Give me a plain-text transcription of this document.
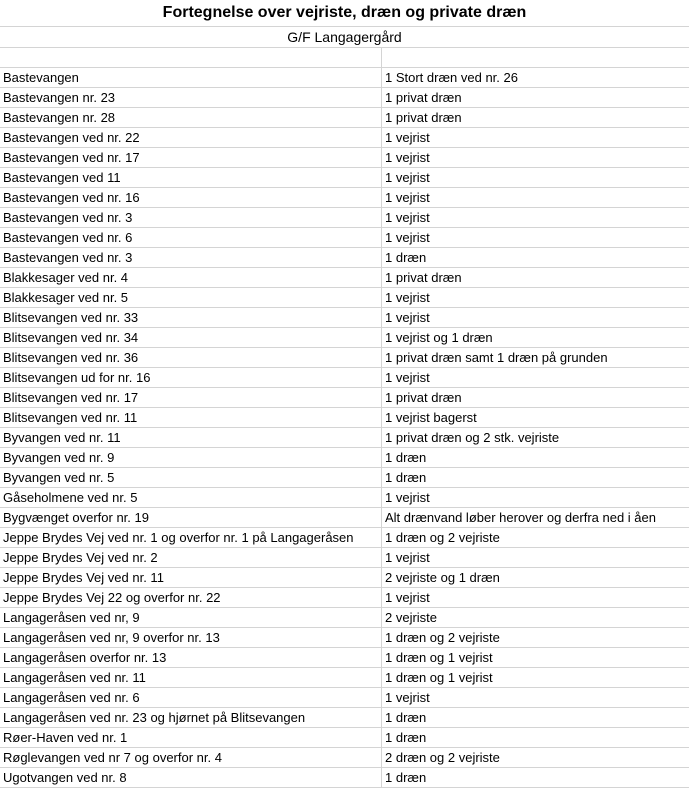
Fortegnelse over vejriste, dræn og private dræn
G/F Langagergård
Bastevangen	1 Stort dræn ved nr. 26
Bastevangen nr. 23	1 privat dræn
Bastevangen nr. 28	1 privat dræn
Bastevangen ved nr. 22	1 vejrist
Bastevangen ved nr. 17	1 vejrist
Bastevangen ved 11	1 vejrist
Bastevangen ved nr. 16	1 vejrist
Bastevangen ved nr. 3	1 vejrist
Bastevangen ved nr. 6	1 vejrist
Bastevangen ved nr. 3	1 dræn
Blakkesager ved nr. 4	1 privat dræn
Blakkesager ved nr. 5	1 vejrist
Blitsevangen ved nr. 33	1 vejrist
Blitsevangen ved nr. 34	1 vejrist og 1 dræn
Blitsevangen ved nr. 36	1 privat dræn samt 1 dræn på grunden
Blitsevangen ud for nr. 16	1 vejrist
Blitsevangen ved nr. 17	1 privat dræn
Blitsevangen ved nr. 11	1 vejrist bagerst
Byvangen ved nr. 11	1 privat dræn og 2 stk. vejriste
Byvangen ved nr. 9	1 dræn
Byvangen ved nr. 5	1 dræn
Gåseholmene ved nr. 5	1 vejrist
Bygvænget overfor nr. 19	Alt drænvand løber herover og derfra ned i åen
Jeppe Brydes Vej ved nr. 1 og overfor nr. 1 på Langageråsen	1 dræn og 2 vejriste
Jeppe Brydes Vej ved nr. 2	1 vejrist
Jeppe Brydes Vej ved nr. 11	2 vejriste og 1 dræn
Jeppe Brydes Vej 22 og overfor nr. 22	1 vejrist
Langageråsen ved nr, 9	2 vejriste
Langageråsen ved nr, 9 overfor nr. 13	1 dræn og 2 vejriste
Langageråsen overfor nr. 13	1 dræn og 1 vejrist
Langageråsen ved nr. 11	1 dræn og 1 vejrist
Langageråsen ved nr. 6	1 vejrist
Langageråsen ved nr. 23 og hjørnet på Blitsevangen	1 dræn
Røer-Haven ved nr. 1	1 dræn
Røglevangen ved nr 7 og overfor nr. 4	2 dræn og 2 vejriste
Ugotvangen ved nr. 8	1 dræn
